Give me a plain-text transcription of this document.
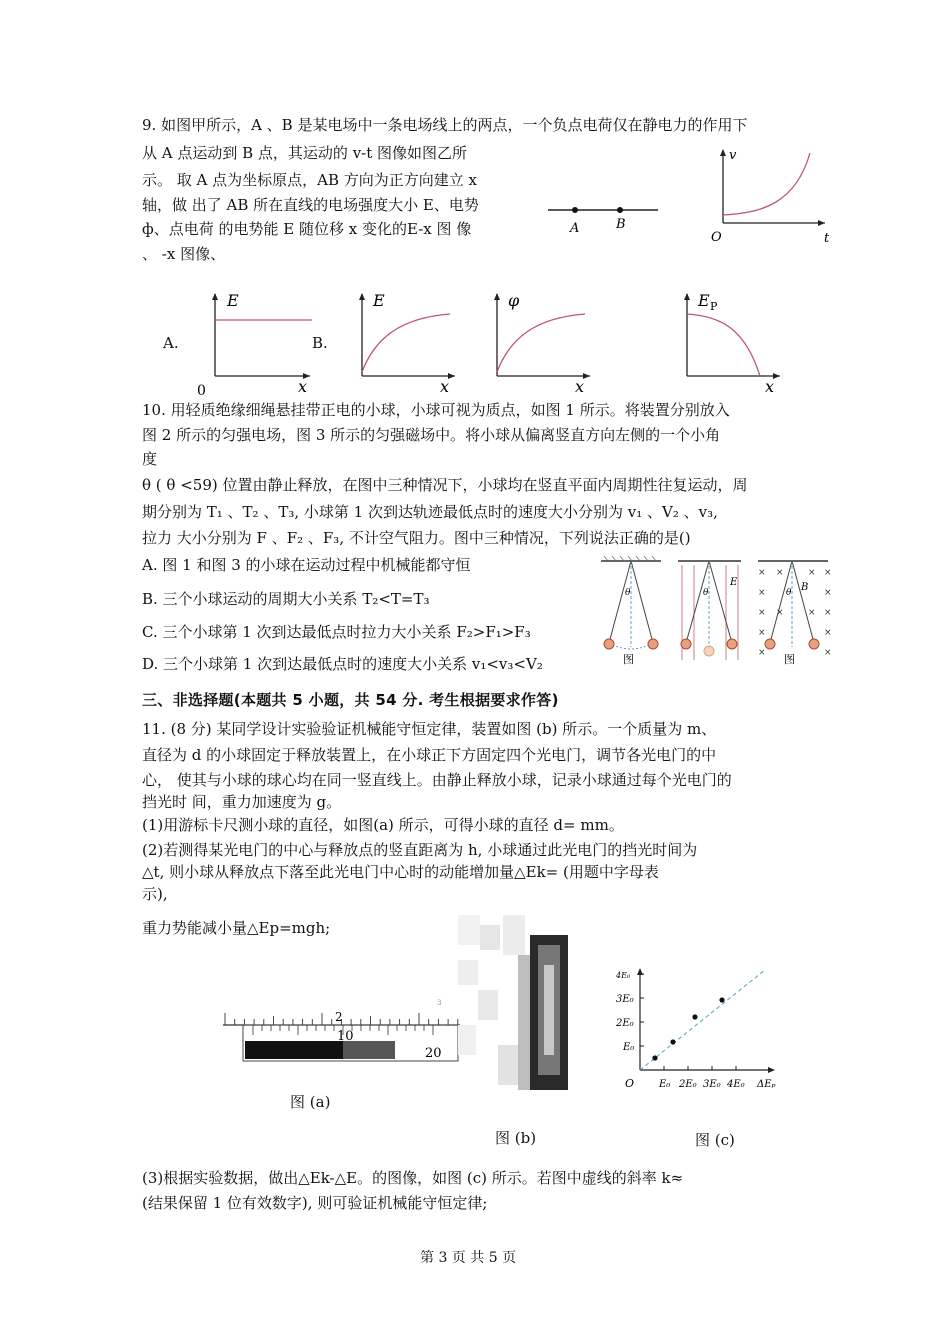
9. 如图甲所示，A 、B 是某电场中一条电场线上的两点，一个负点电荷仅在静电力的作用下
从 A 点运动到 B 点，其运动的 v-t 图像如图乙所
示。 取 A 点为坐标原点，AB 方向为正方向建立 x
轴，做 出了 AB 所在直线的电场强度大小 E、电势
ф、点电荷 的电势能 E 随位移 x 变化的E-x 图 像
、 -x 图像、
A	B
v
t
O
A.
E
x
0
B.
E
x
φ
x
E P
x
10. 用轻质绝缘细绳悬挂带正电的小球，小球可视为质点，如图 1 所示。将装置分别放入
图 2 所示的匀强电场，图 3 所示的匀强磁场中。将小球从偏离竖直方向左侧的一个小角
度
θ ( θ <59) 位置由静止释放，在图中三种情况下，小球均在竖直平面内周期性往复运动，周
期分别为 T₁ 、T₂ 、T₃, 小球第 1 次到达轨迹最低点时的速度大小分别为 v₁ 、V₂ 、v₃,
拉力 大小分别为 F 、F₂ 、F₃, 不计空气阻力。图中三种情况，下列说法正确的是()
A. 图 1 和图 3 的小球在运动过程中机械能都守恒
B. 三个小球运动的周期大小关系 T₂<T=T₃
C. 三个小球第 1 次到达最低点时拉力大小关系 F₂>F₁>F₃
D. 三个小球第 1 次到达最低点时的速度大小关系 v₁<v₃<V₂
θ
图
θ
E
× ×	× ×
×	×
× ×	× ×
×	×
×	×
θ B
图
三、非选择题(本题共 5 小题，共 54 分. 考生根据要求作答)
11. (8 分) 某同学设计实验验证机械能守恒定律，装置如图 (b) 所示。一个质量为 m、
直径为 d 的小球固定于释放装置上，在小球正下方固定四个光电门，调节各光电门的中
心， 使其与小球的球心均在同一竖直线上。由静止释放小球，记录小球通过每个光电门的
挡光时 间，重力加速度为 g。
(1)用游标卡尺测小球的直径，如图(a) 所示，可得小球的直径 d= mm。
(2)若测得某光电门的中心与释放点的竖直距离为 h, 小球通过此光电门的挡光时间为
△t, 则小球从释放点下落至此光电门中心时的动能增加量△Ek= (用题中字母表
示),
重力势能减小量△Ep=mgh;
2
3
10
20
图 (a)
图 (b)
E₀
2E₀
3E₀
4E₀
E₀ 2E₀ 3E₀ 4E₀ ΔEₚ
O
图 (c)
(3)根据实验数据，做出△Ek-△E。的图像，如图 (c) 所示。若图中虚线的斜率 k≈
(结果保留 1 位有效数字), 则可验证机械能守恒定律;
第 3 页 共 5 页
